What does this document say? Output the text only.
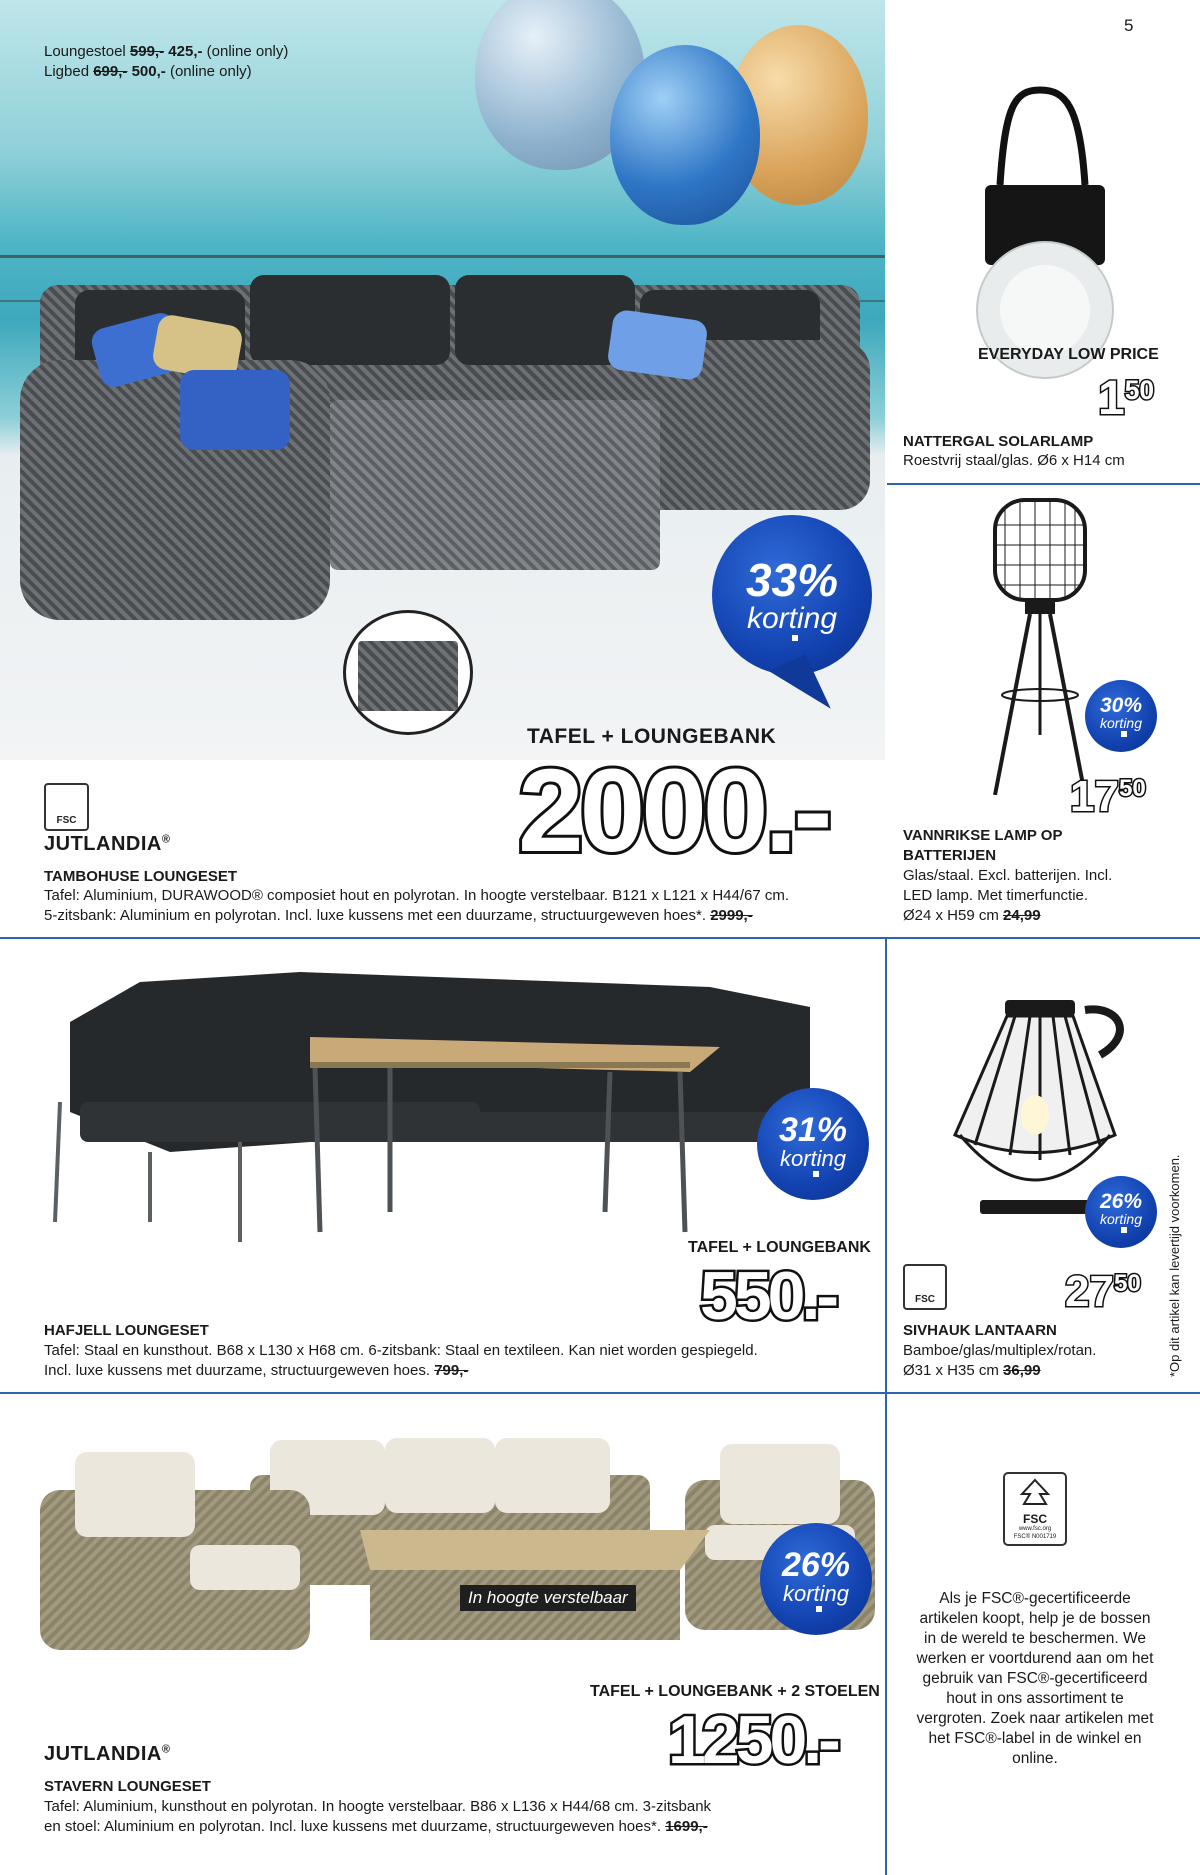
Loungestoel 599,- 425,- (online only)
Ligbed 699,- 500,- (online only)
33%
korting
TAFEL + LOUNGEBANK
2000.-
FSC
JUTLANDIA®
TAMBOHUSE LOUNGESET
Tafel: Aluminium, DURAWOOD® composiet hout en polyrotan. In hoogte verstelbaar. B121 x L121 x H44/67 cm.
5-zitsbank: Aluminium en polyrotan. Incl. luxe kussens met een duurzame, structuurgeweven hoes*. 2999,-
5
EVERYDAY LOW PRICE
$1^{50}$
NATTERGAL SOLARLAMP
Roestvrij staal/glas. Ø6 x H14 cm
30%
korting
$17^{50}$
VANNRIKSE LAMP OP
BATTERIJEN
Glas/staal. Excl. batterijen. Incl.
LED lamp. Met timerfunctie.
Ø24 x H59 cm 24,99
31%
korting
TAFEL + LOUNGEBANK
550.-
HAFJELL LOUNGESET
Tafel: Staal en kunsthout. B68 x L130 x H68 cm. 6-zitsbank: Staal en textileen. Kan niet worden gespiegeld.
Incl. luxe kussens met duurzame, structuurgeweven hoes. 799,-
26%
korting
FSC	$27^{50}$
SIVHAUK LANTAARN
Bamboe/glas/multiplex/rotan.
Ø31 x H35 cm 36,99	*Op dit artikel kan levertijd voorkomen.
In hoogte verstelbaar
26%
korting
TAFEL + LOUNGEBANK + 2 STOELEN
1250.-
JUTLANDIA®
STAVERN LOUNGESET
Tafel: Aluminium, kunsthout en polyrotan. In hoogte verstelbaar. B86 x L136 x H44/68 cm. 3-zitsbank
en stoel: Aluminium en polyrotan. Incl. luxe kussens met duurzame, structuurgeweven hoes*. 1699,-
FSC
www.fsc.org
FSC® N001719
Als je FSC®-gecertificeerde artikelen koopt, help je de bossen in de wereld te beschermen. We werken er voortdurend aan om het gebruik van FSC®-gecertificeerd hout in ons assortiment te vergroten. Zoek naar artikelen met het FSC®-label in de winkel en online.
